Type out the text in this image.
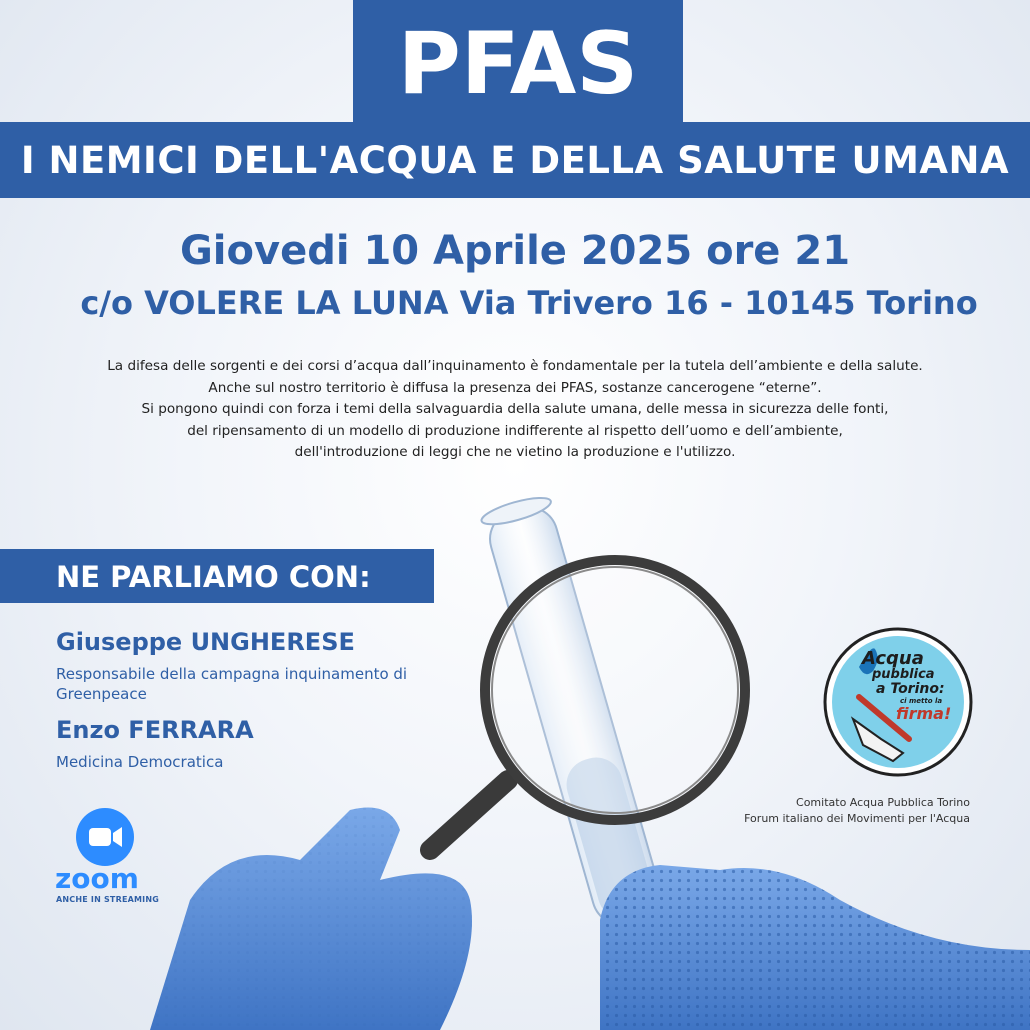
PFAS
I NEMICI DELL'ACQUA E DELLA SALUTE UMANA
Giovedi 10 Aprile 2025 ore 21
c/o VOLERE LA LUNA Via Trivero 16 - 10145 Torino
La difesa delle sorgenti e dei corsi d’acqua dall’inquinamento è fondamentale per la tutela dell’ambiente e della salute.
Anche sul nostro territorio è diffusa la presenza dei PFAS, sostanze cancerogene “eterne”.
Si pongono quindi con forza i temi della salvaguardia della salute umana, delle messa in sicurezza delle fonti,
del ripensamento di un modello di produzione indifferente al rispetto dell’uomo e dell’ambiente,
dell'introduzione di leggi che ne vietino la produzione e l'utilizzo.
NE PARLIAMO CON:
Giuseppe UNGHERESE
Responsabile della campagna inquinamento di Greenpeace
Enzo FERRARA
Medicina Democratica
zoom
ANCHE IN STREAMING
Acqua
pubblica
a Torino:
ci metto la
firma!
Comitato Acqua Pubblica Torino
Forum italiano dei Movimenti per l'Acqua
